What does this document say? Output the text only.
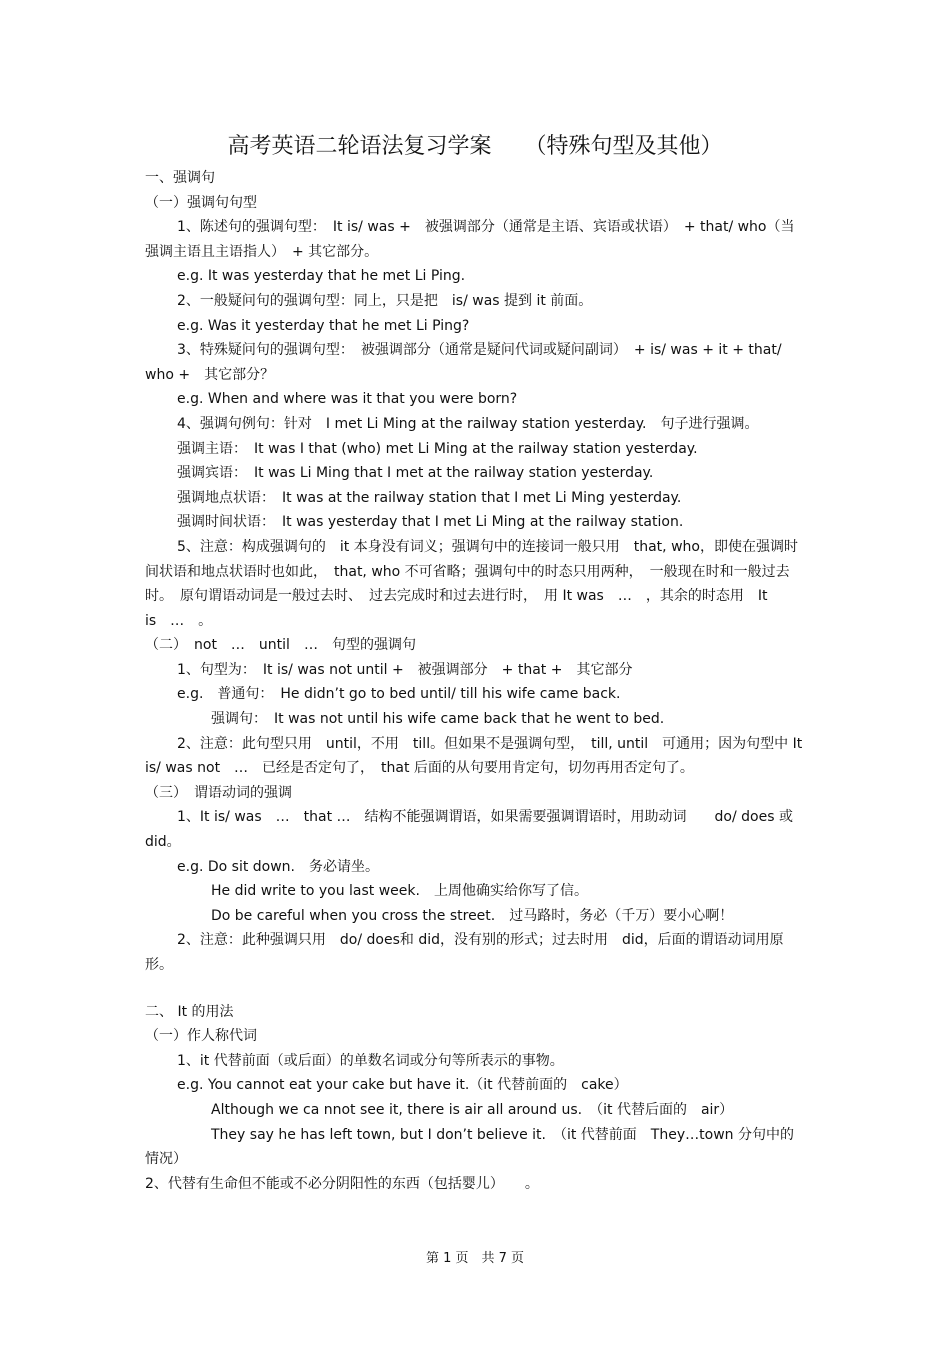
高考英语二轮语法复习学案　　（特殊句型及其他）

一、强调句

（一）强调句句型

1、陈述句的强调句型：　It is/ was +　被强调部分（通常是主语、宾语或状语）　+ that/ who（当强调主语且主语指人）　+ 其它部分。

e.g. It was yesterday that he met Li Ping.

2、一般疑问句的强调句型：同上，只是把　is/ was 提到 it 前面。

e.g. Was it yesterday that he met Li Ping?

3、特殊疑问句的强调句型：　被强调部分（通常是疑问代词或疑问副词）　+ is/ was + it + that/ who +　其它部分？

e.g. When and where was it that you were born?

4、强调句例句：针对　I met Li Ming at the railway station yesterday.　句子进行强调。

强调主语：　It was I that (who) met Li Ming at the railway station yesterday.

强调宾语：　It was Li Ming that I met at the railway station yesterday.

强调地点状语：　It was at the railway station that I met Li Ming yesterday.

强调时间状语：　It was yesterday that I met Li Ming at the railway station.

5、注意：构成强调句的　it 本身没有词义；强调句中的连接词一般只用　that, who，即使在强调时间状语和地点状语时也如此，　that, who 不可省略；强调句中的时态只用两种，　一般现在时和一般过去时。　原句谓语动词是一般过去时、　过去完成时和过去进行时，　用 It was　…　，其余的时态用　It is　…　。

（二）　not　…　until　…　句型的强调句

1、句型为：　It is/ was not until +　被强调部分　+ that +　其它部分

e.g.　普通句：　He didn’t go to bed until/ till his wife came back.

强调句：　It was not until his wife came back that he went to bed.

2、注意：此句型只用　until，不用　till。但如果不是强调句型，　till, until　可通用；因为句型中 It is/ was not　…　已经是否定句了，　that 后面的从句要用肯定句，切勿再用否定句了。

（三）　谓语动词的强调

1、It is/ was　…　that …　结构不能强调谓语，如果需要强调谓语时，用助动词　　do/ does 或 did。

e.g. Do sit down.　务必请坐。

He did write to you last week.　上周他确实给你写了信。

Do be careful when you cross the street.　过马路时，务必（千万）要小心啊！

2、注意：此种强调只用　do/ does和 did，没有别的形式；过去时用　did，后面的谓语动词用原形。

二、 It 的用法

（一）作人称代词

1、it 代替前面（或后面）的单数名词或分句等所表示的事物。

e.g. You cannot eat your cake but have it.（it 代替前面的　cake）

Although we ca nnot see it, there is air all around us.　（it 代替后面的　air）

They say he has left town, but I don’t believe it.　（it 代替前面　They…town 分句中的情况）

2、代替有生命但不能或不必分阴阳性的东西（包括婴儿）　　。

第 1 页　共 7 页
